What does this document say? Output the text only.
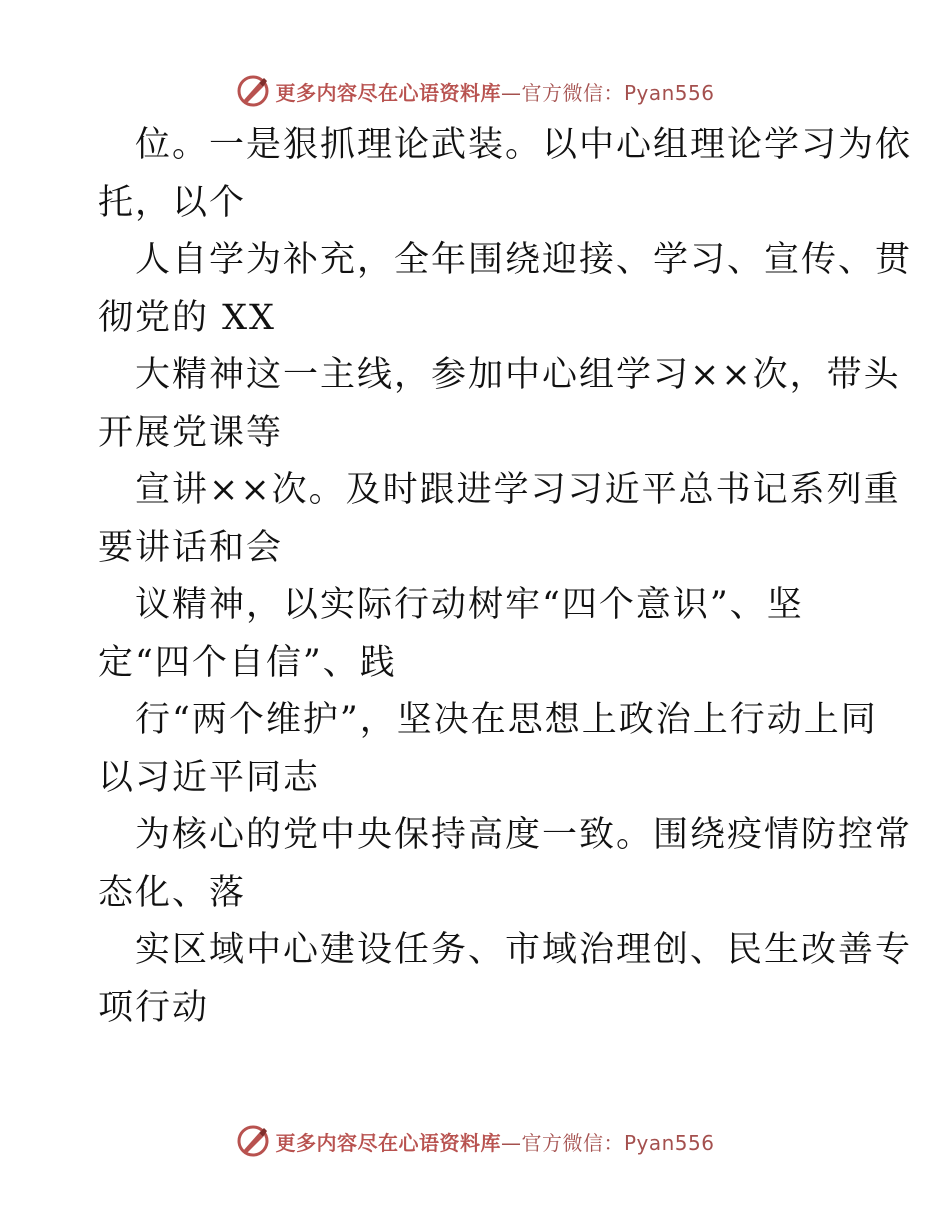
更多内容尽在心语资料库—官方微信：Pyan556
位。一是狠抓理论武装。以中心组理论学习为依
托，以个
人自学为补充，全年围绕迎接、学习、宣传、贯
彻党的 XX
大精神这一主线，参加中心组学习××次，带头
开展党课等
宣讲××次。及时跟进学习习近平总书记系列重
要讲话和会
议精神，以实际行动树牢“四个意识”、坚
定“四个自信”、践
行“两个维护”，坚决在思想上政治上行动上同
以习近平同志
为核心的党中央保持高度一致。围绕疫情防控常
态化、落
实区域中心建设任务、市域治理创、民生改善专
项行动
更多内容尽在心语资料库—官方微信：Pyan556
